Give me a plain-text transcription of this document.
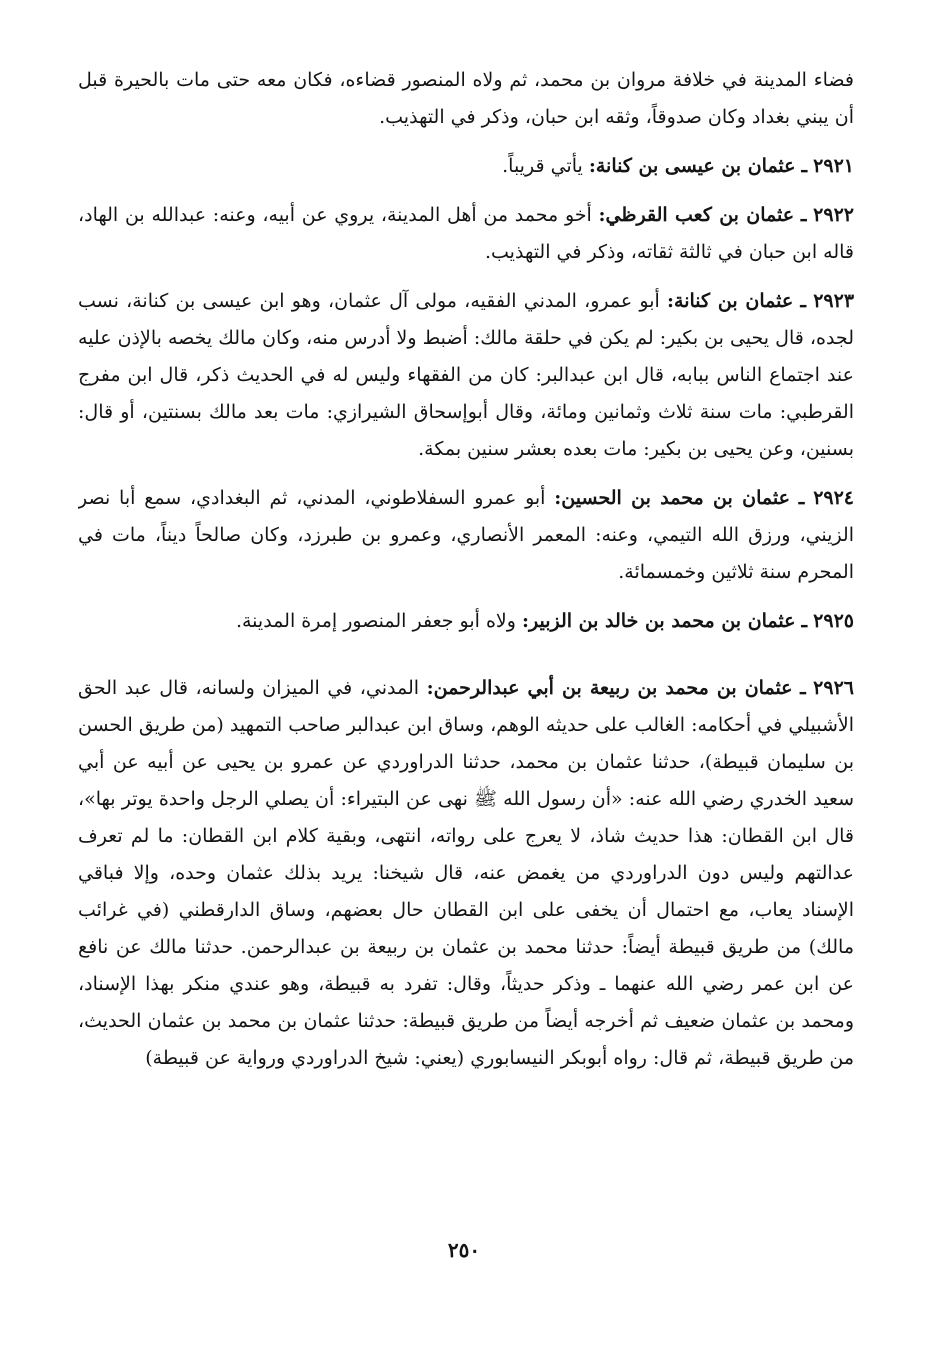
فضاء المدينة في خلافة مروان بن محمد، ثم ولاه المنصور قضاءه، فكان معه حتى مات بالحيرة قبل أن يبني بغداد وكان صدوقاً، وثقه ابن حبان، وذكر في التهذيب.

٢٩٢١ ـ عثمان بن عيسى بن كنانة: يأتي قريباً.

٢٩٢٢ ـ عثمان بن كعب القرظي: أخو محمد من أهل المدينة، يروي عن أبيه، وعنه: عبدالله بن الهاد، قاله ابن حبان في ثالثة ثقاته، وذكر في التهذيب.

٢٩٢٣ ـ عثمان بن كنانة: أبو عمرو، المدني الفقيه، مولى آل عثمان، وهو ابن عيسى بن كنانة، نسب لجده، قال يحيى بن بكير: لم يكن في حلقة مالك: أضبط ولا أدرس منه، وكان مالك يخصه بالإذن عليه عند اجتماع الناس ببابه، قال ابن عبدالبر: كان من الفقهاء وليس له في الحديث ذكر، قال ابن مفرج القرطبي: مات سنة ثلاث وثمانين ومائة، وقال أبوإسحاق الشيرازي: مات بعد مالك بسنتين، أو قال: بسنين، وعن يحيى بن بكير: مات بعده بعشر سنين بمكة.

٢٩٢٤ ـ عثمان بن محمد بن الحسين: أبو عمرو السفلاطوني، المدني، ثم البغدادي، سمع أبا نصر الزيني، ورزق الله التيمي، وعنه: المعمر الأنصاري، وعمرو بن طبرزد، وكان صالحاً ديناً، مات في المحرم سنة ثلاثين وخمسمائة.

٢٩٢٥ ـ عثمان بن محمد بن خالد بن الزبير: ولاه أبو جعفر المنصور إمرة المدينة.

٢٩٢٦ ـ عثمان بن محمد بن ربيعة بن أبي عبدالرحمن: المدني، في الميزان ولسانه، قال عبد الحق الأشبيلي في أحكامه: الغالب على حديثه الوهم، وساق ابن عبدالبر صاحب التمهيد (من طريق الحسن بن سليمان قبيطة)، حدثنا عثمان بن محمد، حدثنا الدراوردي عن عمرو بن يحيى عن أبيه عن أبي سعيد الخدري رضي الله عنه: «أن رسول الله ﷺ نهى عن البتيراء: أن يصلي الرجل واحدة يوتر بها»، قال ابن القطان: هذا حديث شاذ، لا يعرج على رواته، انتهى، وبقية كلام ابن القطان: ما لم تعرف عدالتهم وليس دون الدراوردي من يغمض عنه، قال شيخنا: يريد بذلك عثمان وحده، وإلا فباقي الإسناد يعاب، مع احتمال أن يخفى على ابن القطان حال بعضهم، وساق الدارقطني (في غرائب مالك) من طريق قبيطة أيضاً: حدثنا محمد بن عثمان بن ربيعة بن عبدالرحمن. حدثنا مالك عن نافع عن ابن عمر رضي الله عنهما ـ وذكر حديثاً، وقال: تفرد به قبيطة، وهو عندي منكر بهذا الإسناد، ومحمد بن عثمان ضعيف ثم أخرجه أيضاً من طريق قبيطة: حدثنا عثمان بن محمد بن عثمان الحديث، من طريق قبيطة، ثم قال: رواه أبوبكر النيسابوري (يعني: شيخ الدراوردي ورواية عن قبيطة)

٢٥٠
